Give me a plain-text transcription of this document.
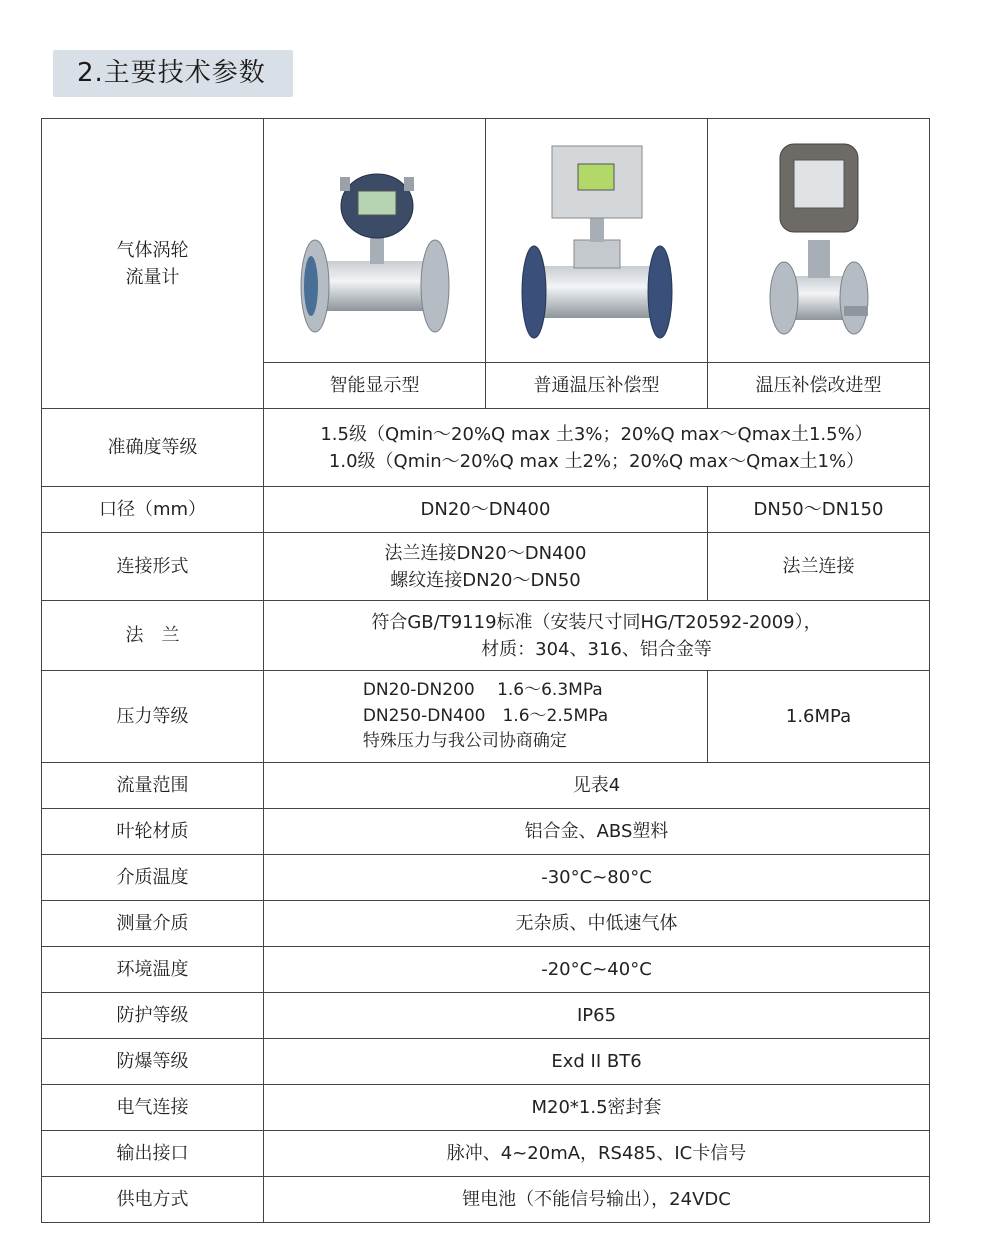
2.主要技术参数
气体涡轮
流量计

	智能显示型	普通温压补偿型	温压补偿改进型
准确度等级	1.5级（Qmin～20%Q max 土3%；20%Q max～Qmax土1.5%）
1.0级（Qmin～20%Q max 土2%；20%Q max～Qmax土1%）		

口径（mm）	DN20～DN400		DN50～DN150
连接形式	法兰连接DN20～DN400
螺纹连接DN20～DN50		法兰连接
法　兰	符合GB/T9119标准（安装尺寸同HG/T20592-2009），
材质：304、316、铝合金等		

压力等级	DN20-DN200　 1.6～6.3MPa
DN250-DN400　1.6～2.5MPa
特殊压力与我公司协商确定		1.6MPa
流量范围	见表4		
叶轮材质	铝合金、ABS塑料		
介质温度	-30°C~80°C		
测量介质	无杂质、中低速气体		
环境温度	-20°C~40°C		
防护等级	IP65		
防爆等级	Exd II BT6		
电气连接	M20*1.5密封套		
输出接口	脉冲、4~20mA，RS485、IC卡信号		
供电方式	锂电池（不能信号输出），24VDC		
